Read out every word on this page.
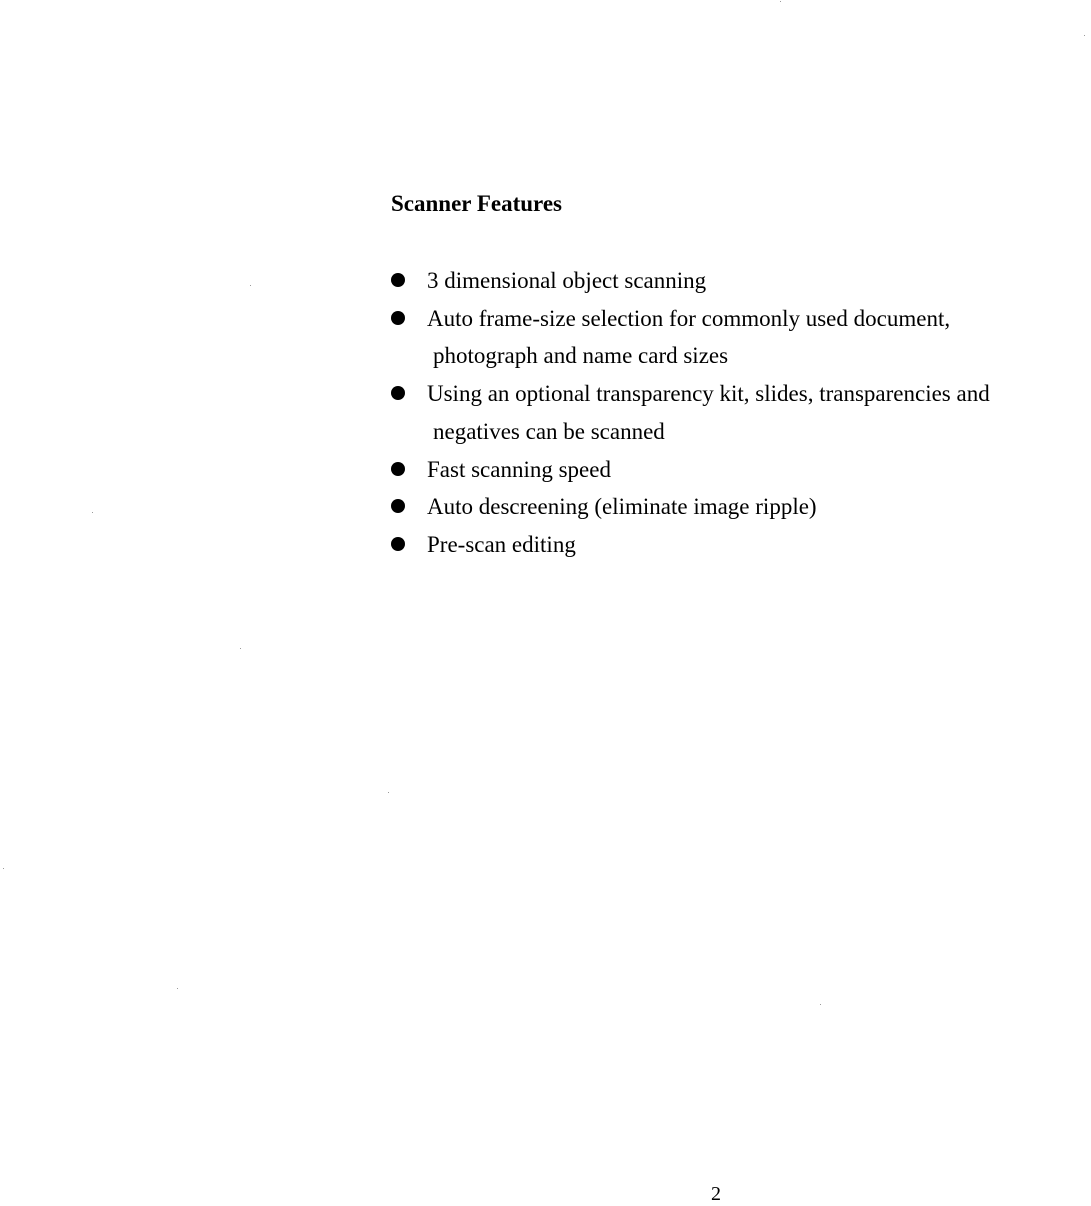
Scanner Features
3 dimensional object scanning
Auto frame-size selection for commonly used document,
photograph and name card sizes
Using an optional transparency kit, slides, transparencies and
negatives can be scanned
Fast scanning speed
Auto descreening (eliminate image ripple)
Pre-scan editing
2
